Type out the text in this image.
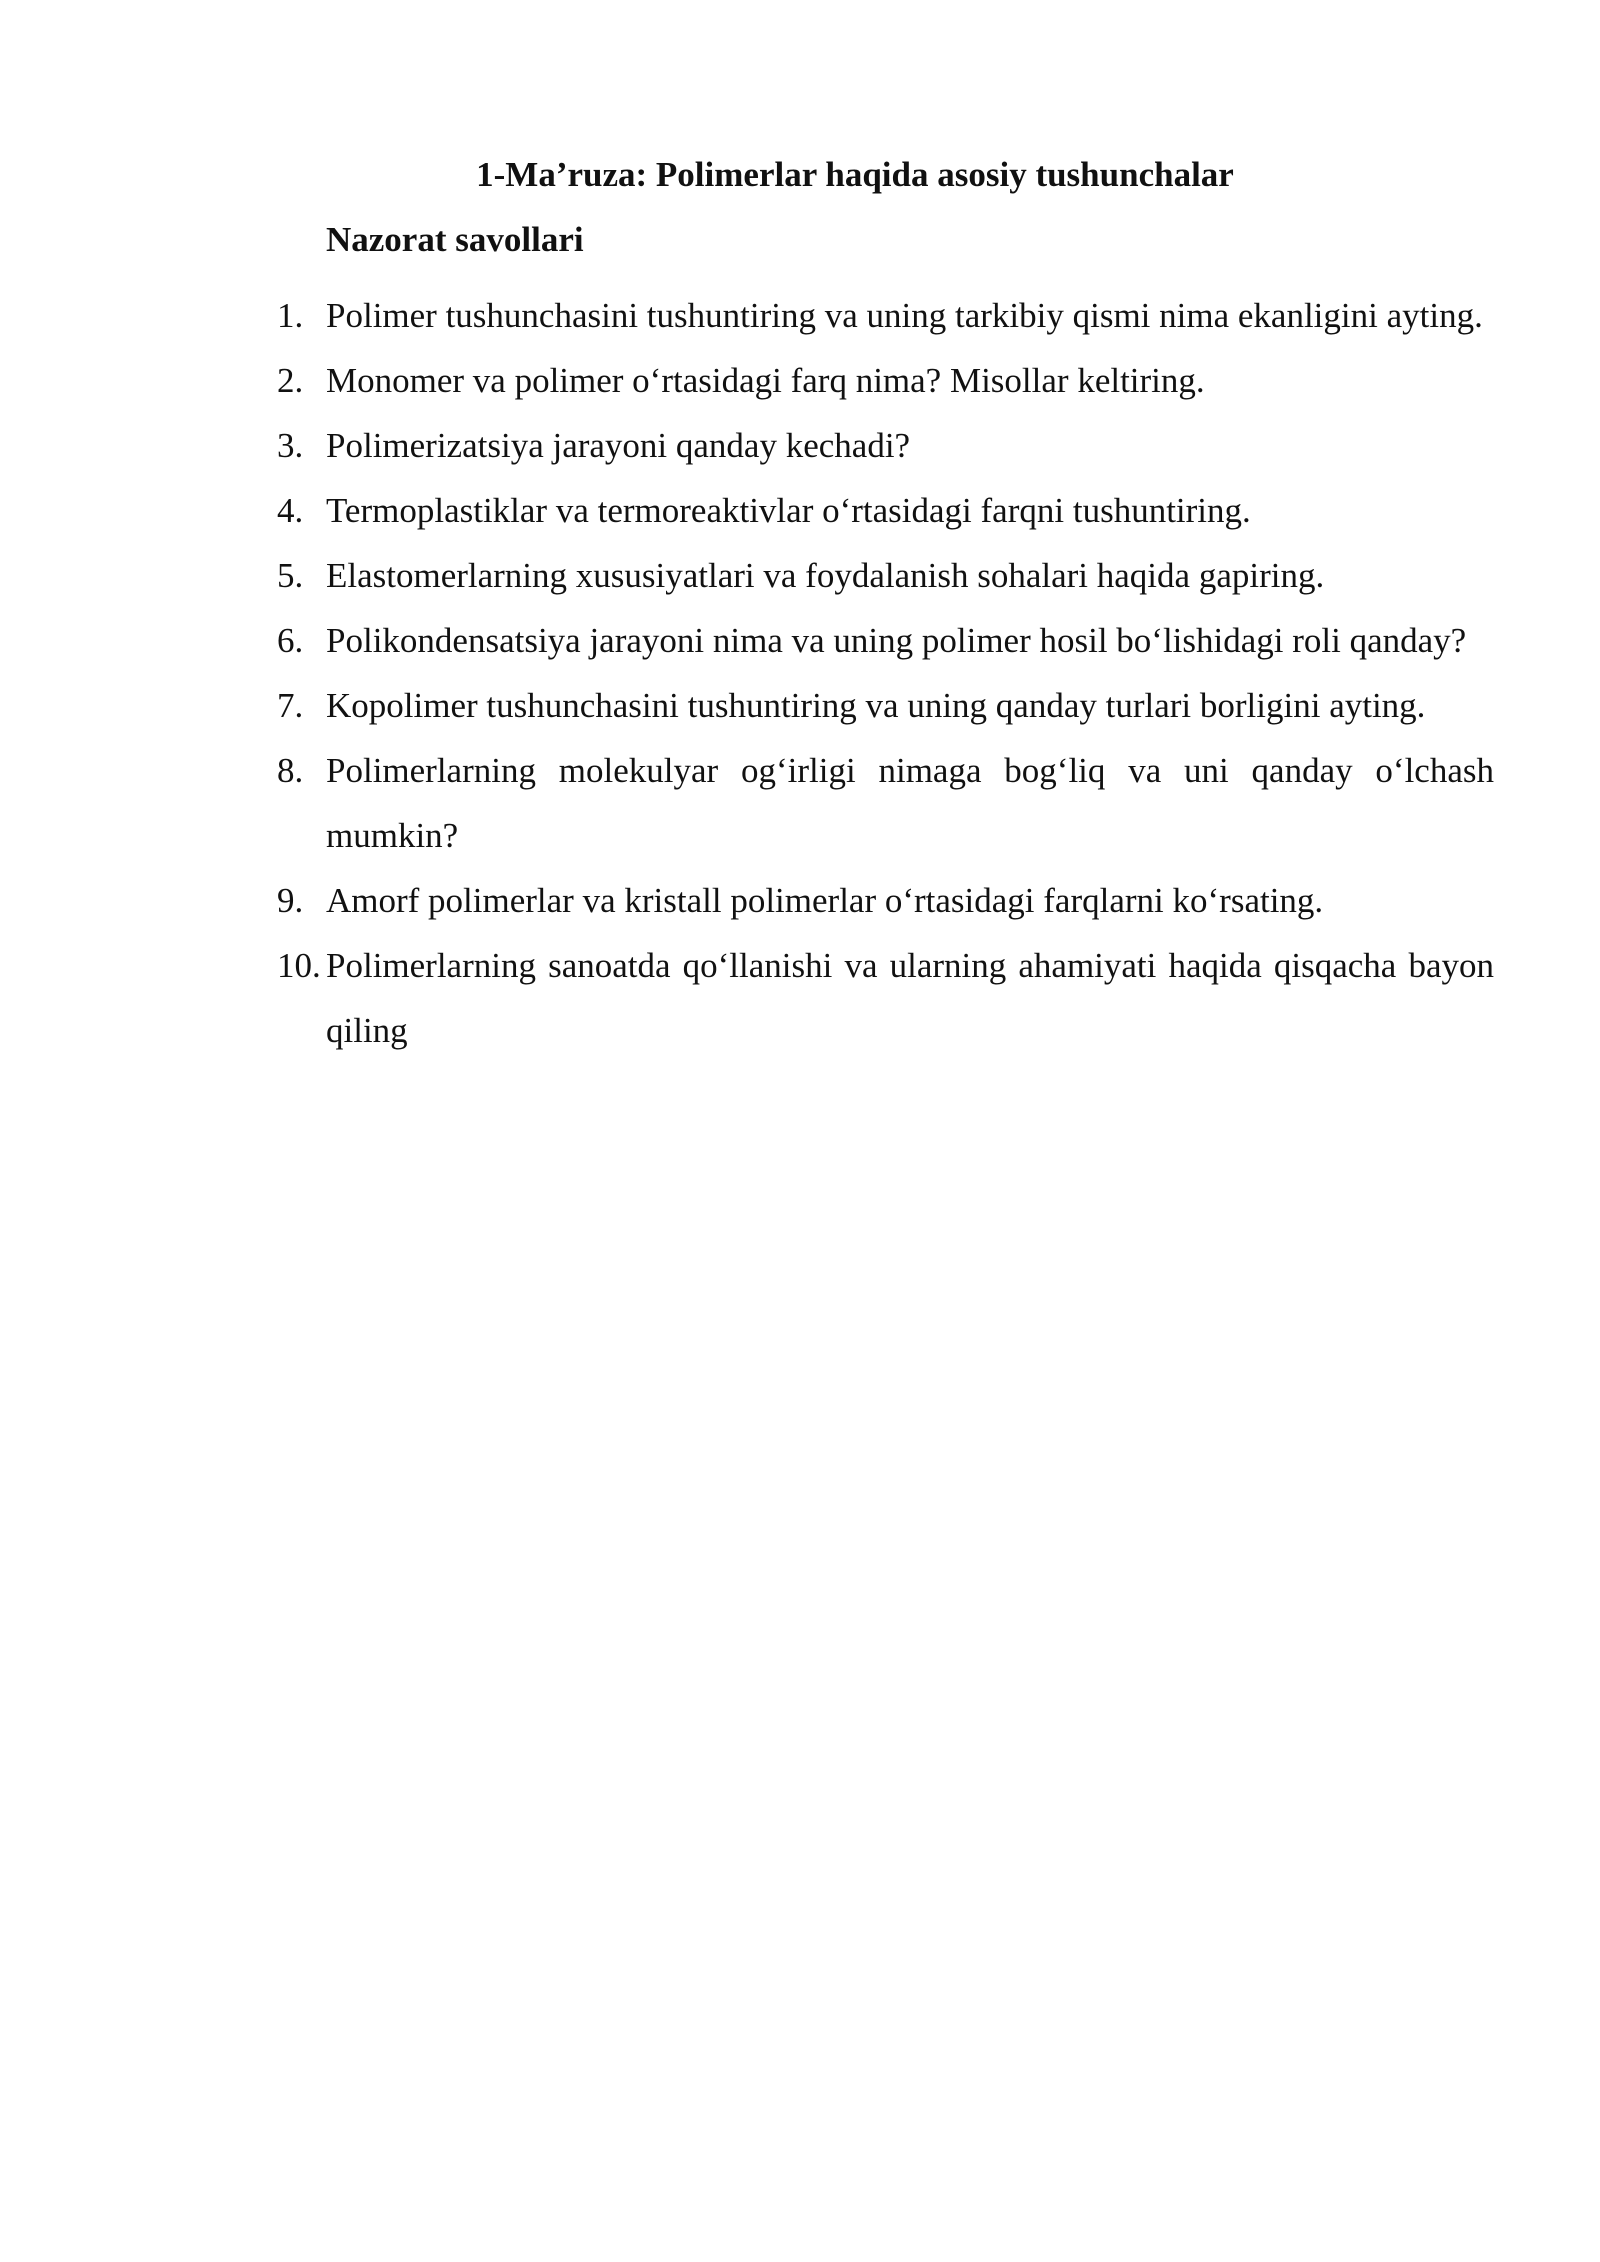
1-Ma’ruza: Polimerlar haqida asosiy tushunchalar
Nazorat savollari
1. Polimer tushunchasini tushuntiring va uning tarkibiy qismi nima ekanligini ayting.
2. Monomer va polimer o‘rtasidagi farq nima? Misollar keltiring.
3. Polimerizatsiya jarayoni qanday kechadi?
4. Termoplastiklar va termoreaktivlar o‘rtasidagi farqni tushuntiring.
5. Elastomerlarning xususiyatlari va foydalanish sohalari haqida gapiring.
6. Polikondensatsiya jarayoni nima va uning polimer hosil bo‘lishidagi roli qanday?
7. Kopolimer tushunchasini tushuntiring va uning qanday turlari borligini ayting.
8. Polimerlarning molekulyar og‘irligi nimaga bog‘liq va uni qanday o‘lchash mumkin?
9. Amorf polimerlar va kristall polimerlar o‘rtasidagi farqlarni ko‘rsating.
10. Polimerlarning sanoatda qo‘llanishi va ularning ahamiyati haqida qisqacha bayon qiling
